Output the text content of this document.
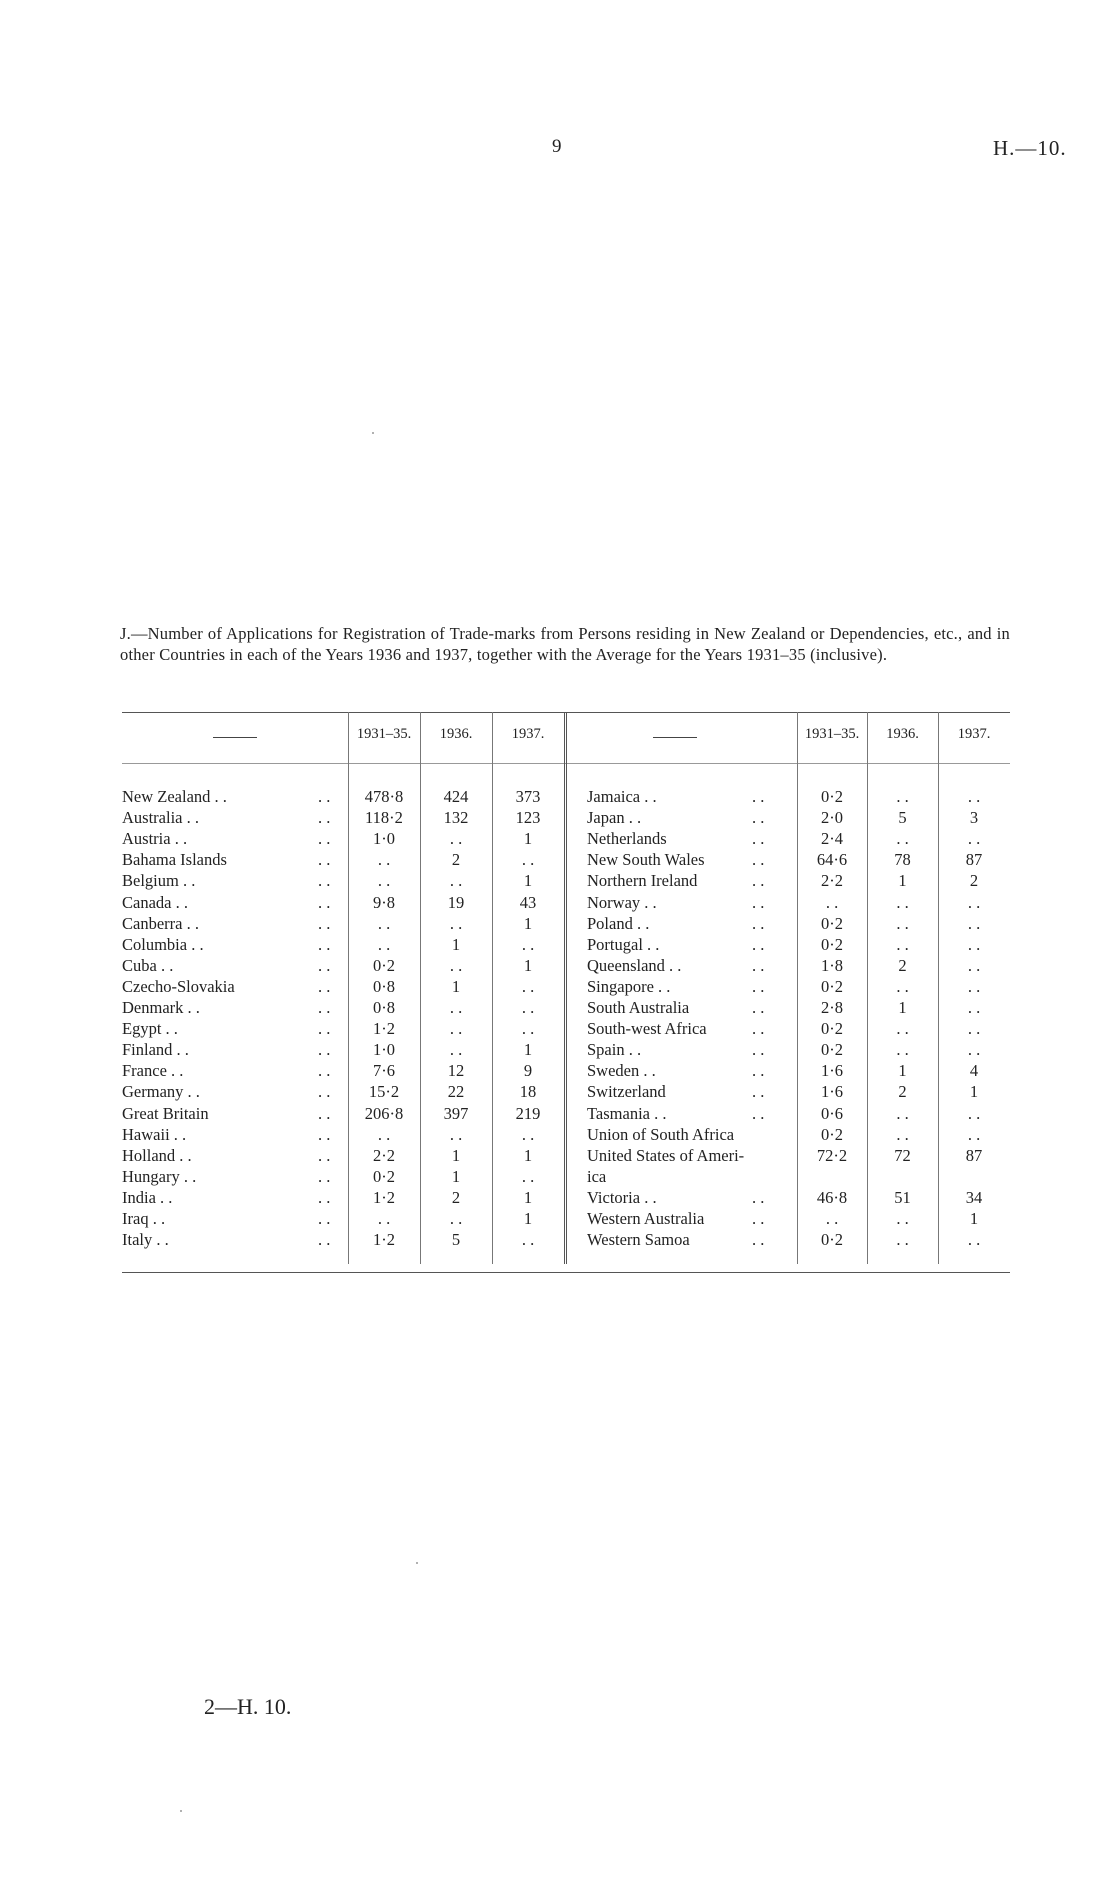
9	H.—10.
J.—Number of Applications for Registration of Trade-marks from Persons residing in New Zealand or Dependencies, etc., and in other Countries in each of the Years 1936 and 1937, together with the Average for the Years 1931–35 (inclusive).
1931–35.	1936.	1937.	1931–35.	1936.	1937.
New Zealand . .	. .	478·8	424	373
Australia . .	. .	118·2	132	123
Austria . .	. .	1·0	. .	1
Bahama Islands	. .	. .	2	. .
Belgium . .	. .	. .	. .	1
Canada . .	. .	9·8	19	43
Canberra . .	. .	. .	. .	1
Columbia . .	. .	. .	1	. .
Cuba . .	. .	0·2	. .	1
Czecho-Slovakia	. .	0·8	1	. .
Denmark . .	. .	0·8	. .	. .
Egypt . .	. .	1·2	. .	. .
Finland . .	. .	1·0	. .	1
France . .	. .	7·6	12	9
Germany . .	. .	15·2	22	18
Great Britain	. .	206·8	397	219
Hawaii . .	. .	. .	. .	. .
Holland . .	. .	2·2	1	1
Hungary . .	. .	0·2	1	. .
India . .	. .	1·2	2	1
Iraq . .	. .	. .	. .	1
Italy . .	. .	1·2	5	. .
Jamaica . .	. .	0·2	. .	. .
Japan . .	. .	2·0	5	3
Netherlands	. .	2·4	. .	. .
New South Wales	. .	64·6	78	87
Northern Ireland	. .	2·2	1	2
Norway . .	. .	. .	. .	. .
Poland . .	. .	0·2	. .	. .
Portugal . .	. .	0·2	. .	. .
Queensland . .	. .	1·8	2	. .
Singapore . .	. .	0·2	. .	. .
South Australia	. .	2·8	1	. .
South-west Africa	. .	0·2	. .	. .
Spain . .	. .	0·2	. .	. .
Sweden . .	. .	1·6	1	4
Switzerland	. .	1·6	2	1
Tasmania . .	. .	0·6	. .	. .
Union of South Africa	0·2	. .	. .
United States of Ameri-	72·2	72	87
ica
Victoria . .	. .	46·8	51	34
Western Australia	. .	. .	. .	1
Western Samoa	. .	0·2	. .	. .
2—H. 10.
